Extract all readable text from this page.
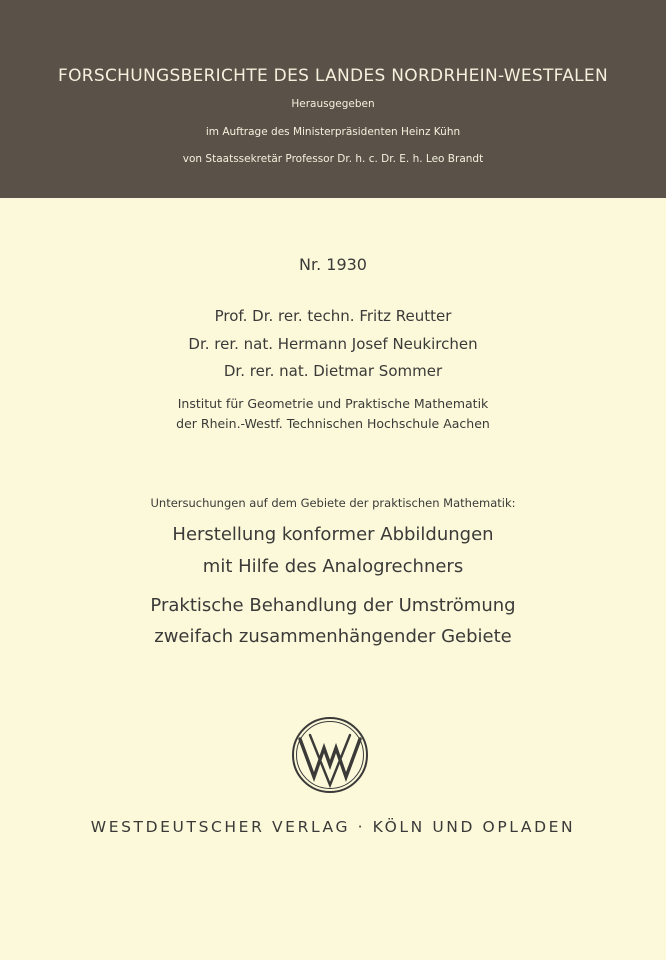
FORSCHUNGSBERICHTE DES LANDES NORDRHEIN-WESTFALEN
Herausgegeben
im Auftrage des Ministerpräsidenten Heinz Kühn
von Staatssekretär Professor Dr. h. c. Dr. E. h. Leo Brandt
Nr. 1930
Prof. Dr. rer. techn. Fritz Reutter
Dr. rer. nat. Hermann Josef Neukirchen
Dr. rer. nat. Dietmar Sommer
Institut für Geometrie und Praktische Mathematik
der Rhein.-Westf. Technischen Hochschule Aachen
Untersuchungen auf dem Gebiete der praktischen Mathematik:
Herstellung konformer Abbildungen
mit Hilfe des Analogrechners
Praktische Behandlung der Umströmung
zweifach zusammenhängender Gebiete
WESTDEUTSCHER VERLAG · KÖLN UND OPLADEN
